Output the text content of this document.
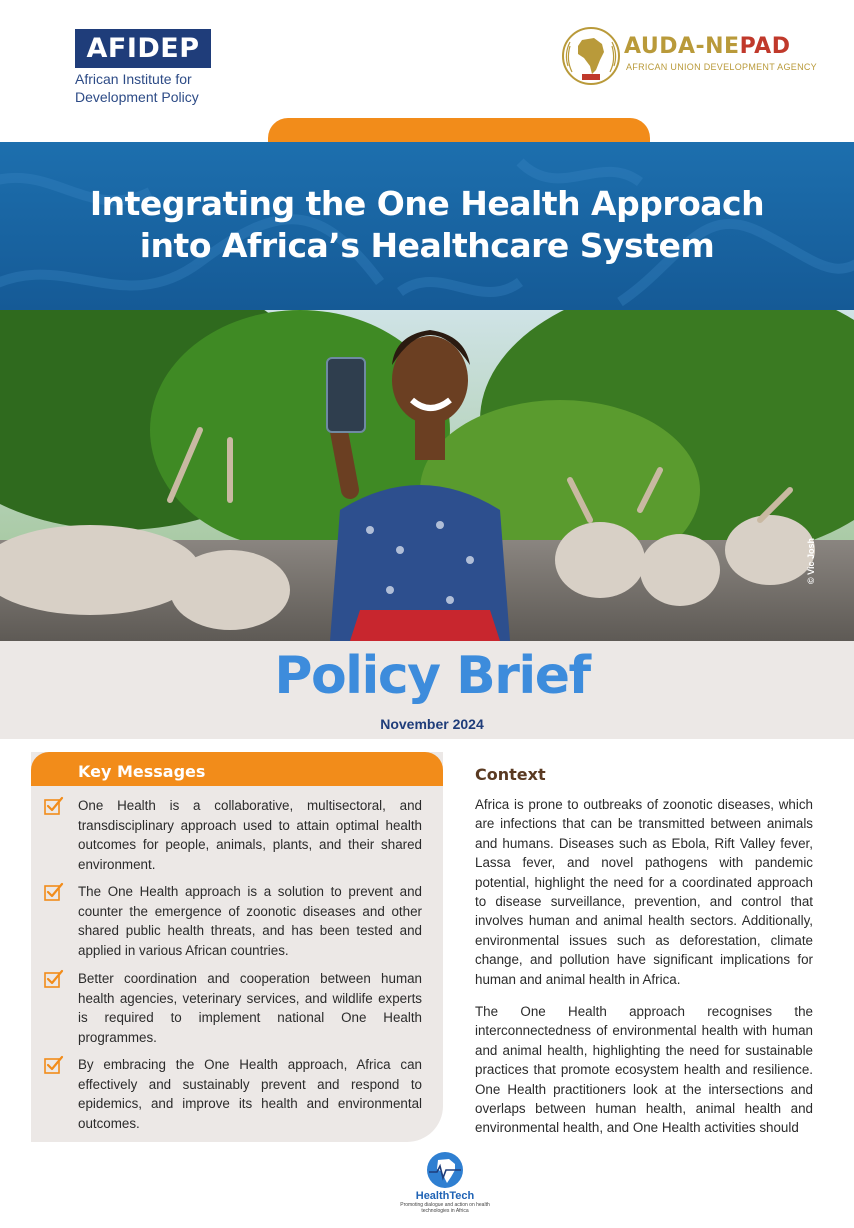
AFIDEP
African Institute for
Development Policy
AUDA-NEPAD
AFRICAN UNION DEVELOPMENT AGENCY
Integrating the One Health Approach
into Africa’s Healthcare System
© Vic Josh
Policy Brief
November 2024
Key Messages
One Health is a collaborative, multisectoral, and transdisciplinary approach used to attain optimal health outcomes for people, animals, plants, and their shared environment.
The One Health approach is a solution to prevent and counter the emergence of zoonotic diseases and other shared public health threats, and has been tested and applied in various African countries.
Better coordination and cooperation between human health agencies, veterinary services, and wildlife experts is required to implement national One Health programmes.
By embracing the One Health approach, Africa can effectively and sustainably prevent and respond to epidemics, and improve its health and environmental outcomes.
Context
Africa is prone to outbreaks of zoonotic diseases, which are infections that can be transmitted between animals and humans. Diseases such as Ebola, Rift Valley fever, Lassa fever, and novel pathogens with pandemic potential, highlight the need for a coordinated approach to disease surveillance, prevention, and control that involves human and animal health sectors. Additionally, environmental issues such as deforestation, climate change, and pollution have significant implications for human and animal health in Africa.
The One Health approach recognises the interconnectedness of environmental health with human and animal health, highlighting the need for sustainable practices that promote ecosystem health and resilience. One Health practitioners look at the intersections and overlaps between human health, animal health and environmental health, and One Health activities should
HealthTech
Promoting dialogue and action on health technologies in Africa
